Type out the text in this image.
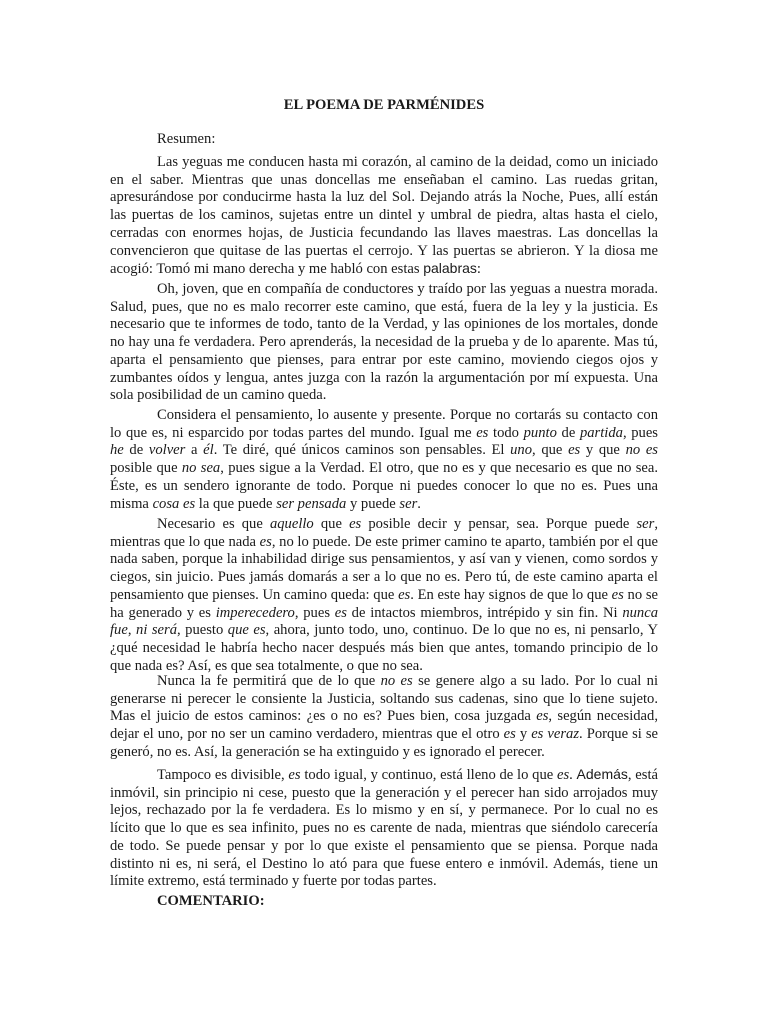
EL POEMA DE PARMÉNIDES

Resumen:

Las yeguas me conducen hasta mi corazón, al camino de la deidad, como un iniciado en el saber. Mientras que unas doncellas me enseñaban el camino. Las ruedas gritan, apresurándose por conducirme hasta la luz del Sol. Dejando atrás la Noche, Pues, allí están las puertas de los caminos, sujetas entre un dintel y umbral de piedra, altas hasta el cielo, cerradas con enormes hojas, de Justicia fecundando las llaves maestras. Las doncellas la convencieron que quitase de las puertas el cerrojo. Y las puertas se abrieron. Y la diosa me acogió: Tomó mi mano derecha y me habló con estas palabras:

Oh, joven, que en compañía de conductores y traído por las yeguas a nuestra morada. Salud, pues, que no es malo recorrer este camino, que está, fuera de la ley y la justicia. Es necesario que te informes de todo, tanto de la Verdad, y las opiniones de los mortales, donde no hay una fe verdadera. Pero aprenderás, la necesidad de la prueba y de lo aparente. Mas tú, aparta el pensamiento que pienses, para entrar por este camino, moviendo ciegos ojos y zumbantes oídos y lengua, antes juzga con la razón la argumentación por mí expuesta. Una sola posibilidad de un camino queda.

Considera el pensamiento, lo ausente y presente. Porque no cortarás su contacto con lo que es, ni esparcido por todas partes del mundo. Igual me es todo punto de partida, pues he de volver a él. Te diré, qué únicos caminos son pensables. El uno, que es y que no es posible que no sea, pues sigue a la Verdad. El otro, que no es y que necesario es que no sea. Éste, es un sendero ignorante de todo. Porque ni puedes conocer lo que no es. Pues una misma cosa es la que puede ser pensada y puede ser.

Necesario es que aquello que es posible decir y pensar, sea. Porque puede ser, mientras que lo que nada es, no lo puede. De este primer camino te aparto, también por el que nada saben, porque la inhabilidad dirige sus pensamientos, y así van y vienen, como sordos y ciegos, sin juicio. Pues jamás domarás a ser a lo que no es. Pero tú, de este camino aparta el pensamiento que pienses. Un camino queda: que es. En este hay signos de que lo que es no se ha generado y es imperecedero, pues es de intactos miembros, intrépido y sin fin. Ni nunca fue, ni será, puesto que es, ahora, junto todo, uno, continuo. De lo que no es, ni pensarlo, Y ¿qué necesidad le habría hecho nacer después más bien que antes, tomando principio de lo que nada es? Así, es que sea totalmente, o que no sea.

Nunca la fe permitirá que de lo que no es se genere algo a su lado. Por lo cual ni generarse ni perecer le consiente la Justicia, soltando sus cadenas, sino que lo tiene sujeto. Mas el juicio de estos caminos: ¿es o no es? Pues bien, cosa juzgada es, según necesidad, dejar el uno, por no ser un camino verdadero, mientras que el otro es y es veraz. Porque si se generó, no es. Así, la generación se ha extinguido y es ignorado el perecer.

Tampoco es divisible, es todo igual, y continuo, está lleno de lo que es. Además, está inmóvil, sin principio ni cese, puesto que la generación y el perecer han sido arrojados muy lejos, rechazado por la fe verdadera. Es lo mismo y en sí, y permanece. Por lo cual no es lícito que lo que es sea infinito, pues no es carente de nada, mientras que siéndolo carecería de todo. Se puede pensar y por lo que existe el pensamiento que se piensa. Porque nada distinto ni es, ni será, el Destino lo ató para que fuese entero e inmóvil. Además, tiene un límite extremo, está terminado y fuerte por todas partes.

COMENTARIO:
